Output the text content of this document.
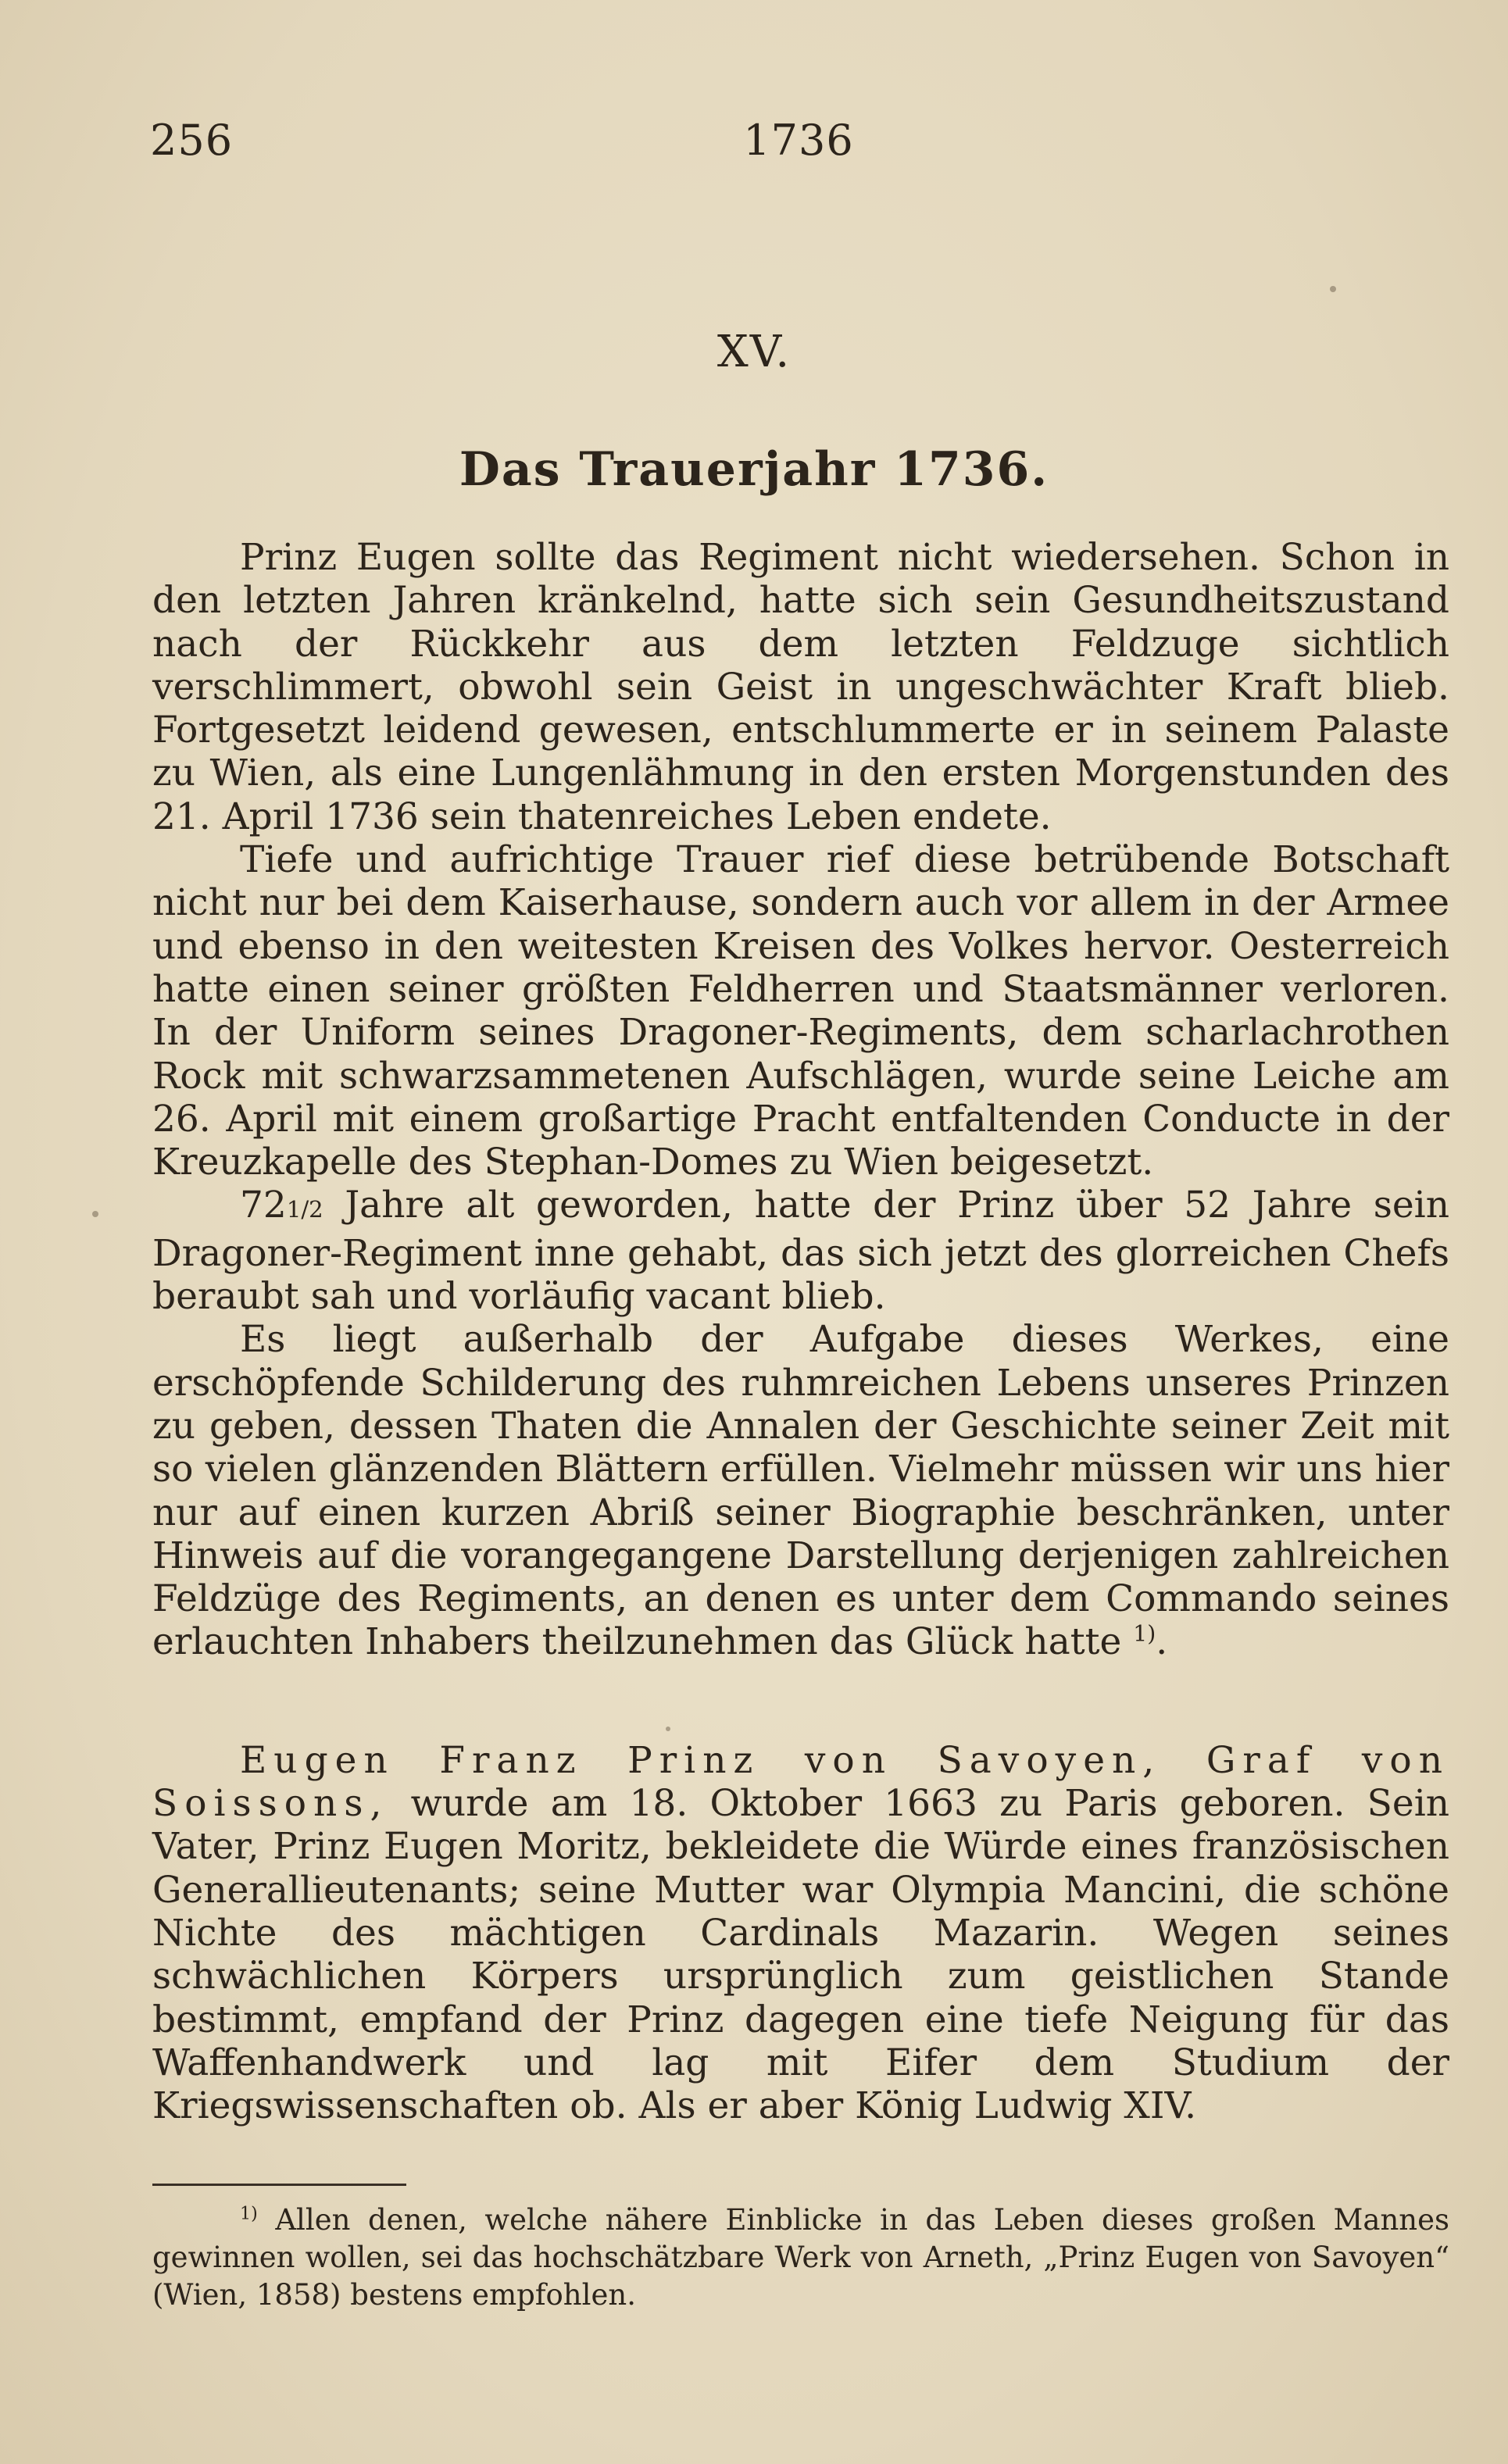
256	1736
XV.
Das Trauerjahr 1736.

Prinz Eugen sollte das Regiment nicht wiedersehen. Schon in den letzten Jahren kränkelnd, hatte sich sein Gesundheitszustand nach der Rückkehr aus dem letzten Feldzuge sichtlich verschlimmert, obwohl sein Geist in ungeschwächter Kraft blieb. Fortgesetzt leidend gewesen, entschlummerte er in seinem Palaste zu Wien, als eine Lungenlähmung in den ersten Morgenstunden des 21. April 1736 sein thatenreiches Leben endete.

Tiefe und aufrichtige Trauer rief diese betrübende Botschaft nicht nur bei dem Kaiserhause, sondern auch vor allem in der Armee und ebenso in den weitesten Kreisen des Volkes hervor. Oesterreich hatte einen seiner größten Feldherren und Staatsmänner verloren. In der Uniform seines Dragoner-Regiments, dem scharlachrothen Rock mit schwarzsammetenen Aufschlägen, wurde seine Leiche am 26. April mit einem großartige Pracht entfaltenden Conducte in der Kreuzkapelle des Stephan-Domes zu Wien beigesetzt.

721/2 Jahre alt geworden, hatte der Prinz über 52 Jahre sein Dragoner-Regiment inne gehabt, das sich jetzt des glorreichen Chefs beraubt sah und vorläufig vacant blieb.

Es liegt außerhalb der Aufgabe dieses Werkes, eine erschöpfende Schilderung des ruhmreichen Lebens unseres Prinzen zu geben, dessen Thaten die Annalen der Geschichte seiner Zeit mit so vielen glänzenden Blättern erfüllen. Vielmehr müssen wir uns hier nur auf einen kurzen Abriß seiner Biographie beschränken, unter Hinweis auf die vorangegangene Darstellung derjenigen zahlreichen Feldzüge des Regiments, an denen es unter dem Commando seines erlauchten Inhabers theilzunehmen das Glück hatte $^{1)}$.

Eugen Franz Prinz von Savoyen, Graf von Soissons, wurde am 18. Oktober 1663 zu Paris geboren. Sein Vater, Prinz Eugen Moritz, bekleidete die Würde eines französischen Generallieutenants; seine Mutter war Olympia Mancini, die schöne Nichte des mächtigen Cardinals Mazarin. Wegen seines schwächlichen Körpers ursprünglich zum geistlichen Stande bestimmt, empfand der Prinz dagegen eine tiefe Neigung für das Waffenhandwerk und lag mit Eifer dem Studium der Kriegswissenschaften ob. Als er aber König Ludwig XIV.

$^{1)}$ Allen denen, welche nähere Einblicke in das Leben dieses großen Mannes gewinnen wollen, sei das hochschätzbare Werk von Arneth, „Prinz Eugen von Savoyen“ (Wien, 1858) bestens empfohlen.
